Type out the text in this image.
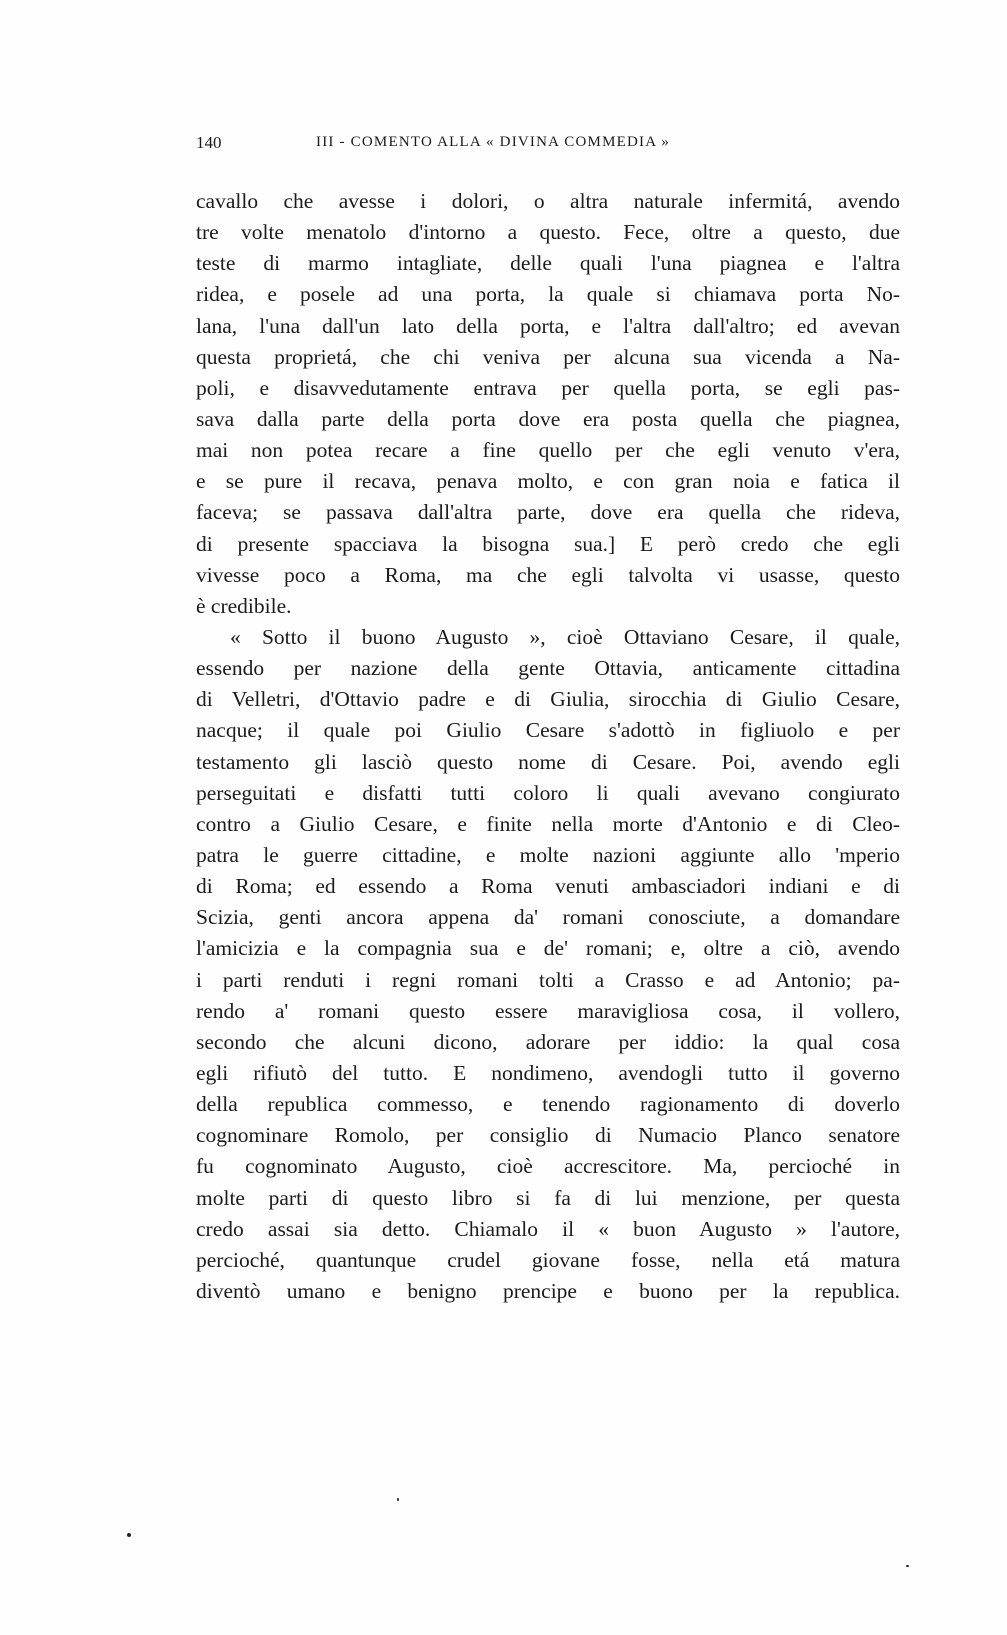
140	III - COMENTO ALLA « DIVINA COMMEDIA »
cavallo che avesse i dolori, o altra naturale infermitá, avendo
tre volte menatolo d'intorno a questo. Fece, oltre a questo, due
teste di marmo intagliate, delle quali l'una piagnea e l'altra
ridea, e posele ad una porta, la quale si chiamava porta No-
lana, l'una dall'un lato della porta, e l'altra dall'altro; ed avevan
questa proprietá, che chi veniva per alcuna sua vicenda a Na-
poli, e disavvedutamente entrava per quella porta, se egli pas-
sava dalla parte della porta dove era posta quella che piagnea,
mai non potea recare a fine quello per che egli venuto v'era,
e se pure il recava, penava molto, e con gran noia e fatica il
faceva; se passava dall'altra parte, dove era quella che rideva,
di presente spacciava la bisogna sua.] E però credo che egli
vivesse poco a Roma, ma che egli talvolta vi usasse, questo
è credibile.
« Sotto il buono Augusto », cioè Ottaviano Cesare, il quale,
essendo per nazione della gente Ottavia, anticamente cittadina
di Velletri, d'Ottavio padre e di Giulia, sirocchia di Giulio Cesare,
nacque; il quale poi Giulio Cesare s'adottò in figliuolo e per
testamento gli lasciò questo nome di Cesare. Poi, avendo egli
perseguitati e disfatti tutti coloro li quali avevano congiurato
contro a Giulio Cesare, e finite nella morte d'Antonio e di Cleo-
patra le guerre cittadine, e molte nazioni aggiunte allo 'mperio
di Roma; ed essendo a Roma venuti ambasciadori indiani e di
Scizia, genti ancora appena da' romani conosciute, a domandare
l'amicizia e la compagnia sua e de' romani; e, oltre a ciò, avendo
i parti renduti i regni romani tolti a Crasso e ad Antonio; pa-
rendo a' romani questo essere maravigliosa cosa, il vollero,
secondo che alcuni dicono, adorare per iddio: la qual cosa
egli rifiutò del tutto. E nondimeno, avendogli tutto il governo
della republica commesso, e tenendo ragionamento di doverlo
cognominare Romolo, per consiglio di Numacio Planco senatore
fu cognominato Augusto, cioè accrescitore. Ma, percioché in
molte parti di questo libro si fa di lui menzione, per questa
credo assai sia detto. Chiamalo il « buon Augusto » l'autore,
percioché, quantunque crudel giovane fosse, nella etá matura
diventò umano e benigno prencipe e buono per la republica.
